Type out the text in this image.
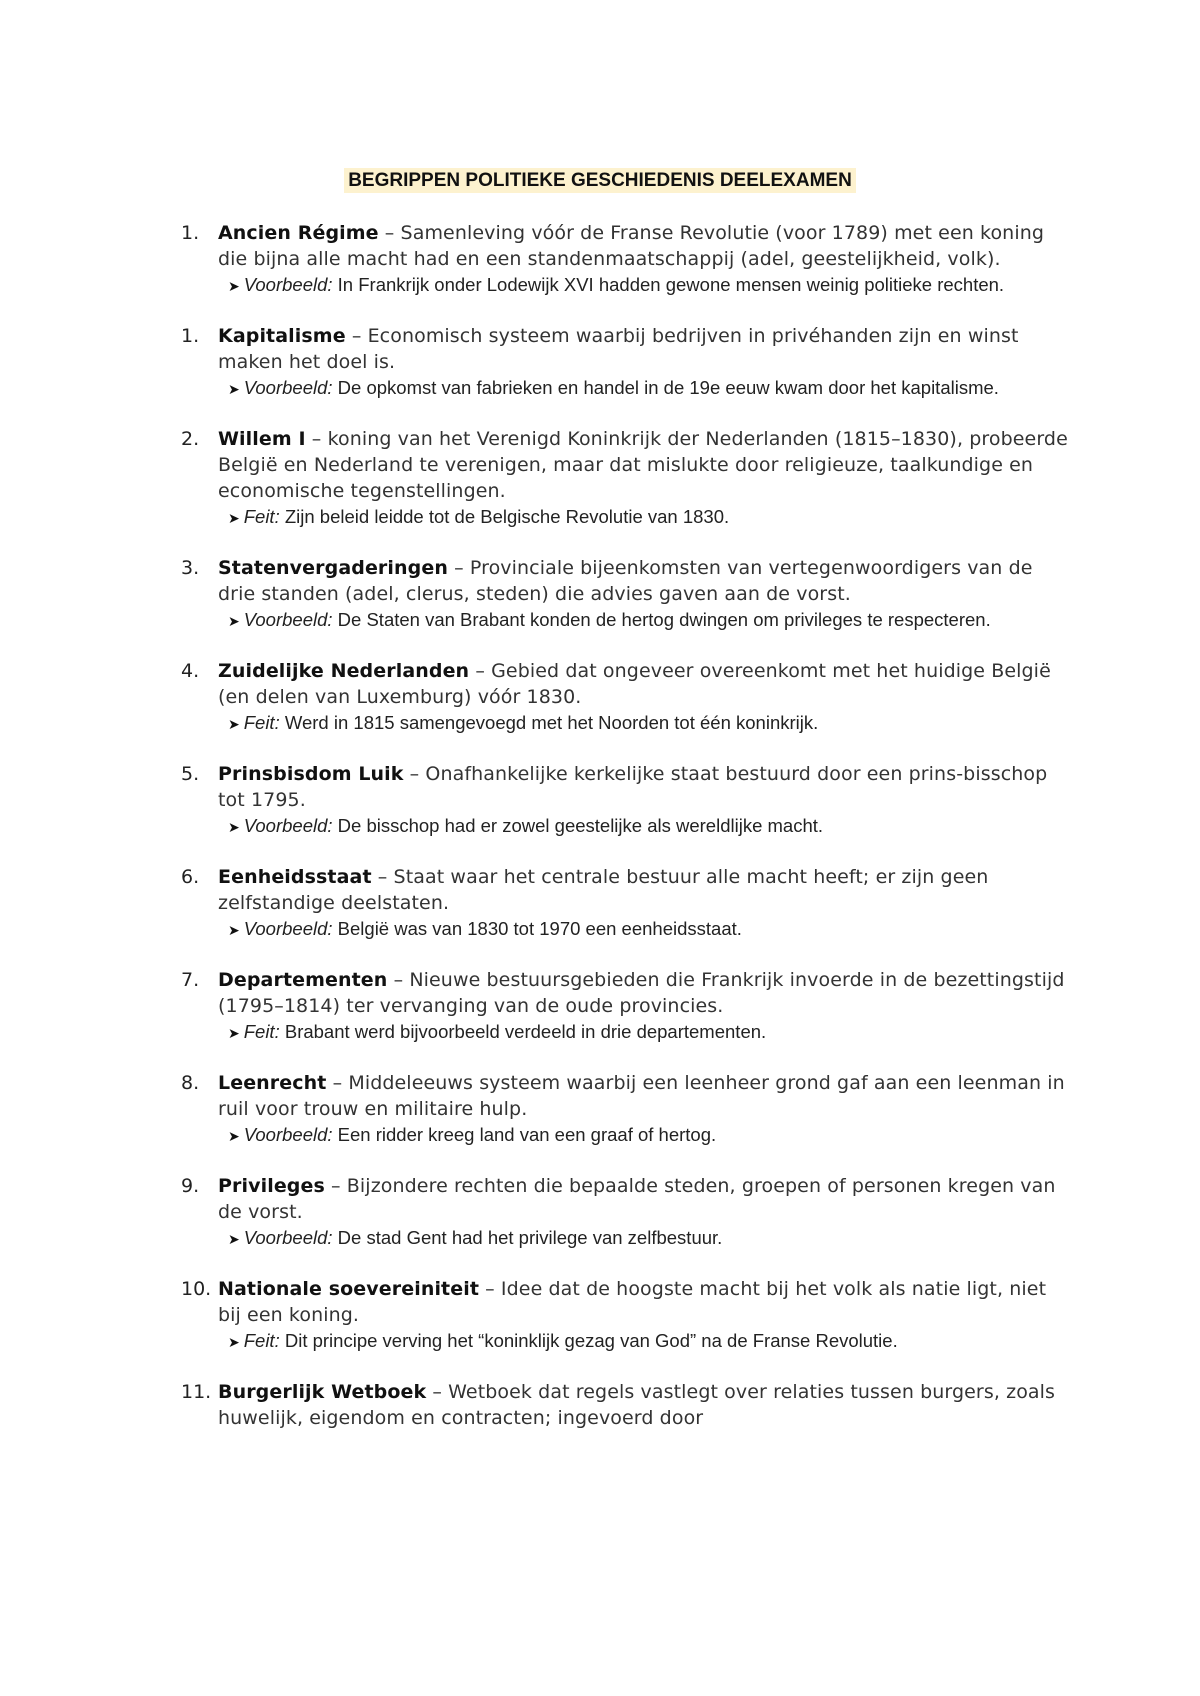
BEGRIPPEN POLITIEKE GESCHIEDENIS DEELEXAMEN
1. Ancien Régime – Samenleving vóór de Franse Revolutie (voor 1789) met een koning die bijna alle macht had en een standenmaatschappij (adel, geestelijkheid, volk).
➤ Voorbeeld: In Frankrijk onder Lodewijk XVI hadden gewone mensen weinig politieke rechten.
1. Kapitalisme – Economisch systeem waarbij bedrijven in privéhanden zijn en winst maken het doel is.
➤ Voorbeeld: De opkomst van fabrieken en handel in de 19e eeuw kwam door het kapitalisme.
2. Willem I – koning van het Verenigd Koninkrijk der Nederlanden (1815–1830), probeerde België en Nederland te verenigen, maar dat mislukte door religieuze, taalkundige en economische tegenstellingen.
➤ Feit: Zijn beleid leidde tot de Belgische Revolutie van 1830.
3. Statenvergaderingen – Provinciale bijeenkomsten van vertegenwoordigers van de drie standen (adel, clerus, steden) die advies gaven aan de vorst.
➤ Voorbeeld: De Staten van Brabant konden de hertog dwingen om privileges te respecteren.
4. Zuidelijke Nederlanden – Gebied dat ongeveer overeenkomt met het huidige België (en delen van Luxemburg) vóór 1830.
➤ Feit: Werd in 1815 samengevoegd met het Noorden tot één koninkrijk.
5. Prinsbisdom Luik – Onafhankelijke kerkelijke staat bestuurd door een prins-bisschop tot 1795.
➤ Voorbeeld: De bisschop had er zowel geestelijke als wereldlijke macht.
6. Eenheidsstaat – Staat waar het centrale bestuur alle macht heeft; er zijn geen zelfstandige deelstaten.
➤ Voorbeeld: België was van 1830 tot 1970 een eenheidsstaat.
7. Departementen – Nieuwe bestuursgebieden die Frankrijk invoerde in de bezettingstijd (1795–1814) ter vervanging van de oude provincies.
➤ Feit: Brabant werd bijvoorbeeld verdeeld in drie departementen.
8. Leenrecht – Middeleeuws systeem waarbij een leenheer grond gaf aan een leenman in ruil voor trouw en militaire hulp.
➤ Voorbeeld: Een ridder kreeg land van een graaf of hertog.
9. Privileges – Bijzondere rechten die bepaalde steden, groepen of personen kregen van de vorst.
➤ Voorbeeld: De stad Gent had het privilege van zelfbestuur.
10. Nationale soevereiniteit – Idee dat de hoogste macht bij het volk als natie ligt, niet bij een koning.
➤ Feit: Dit principe verving het “koninklijk gezag van God” na de Franse Revolutie.
11. Burgerlijk Wetboek – Wetboek dat regels vastlegt over relaties tussen burgers, zoals huwelijk, eigendom en contracten; ingevoerd door
